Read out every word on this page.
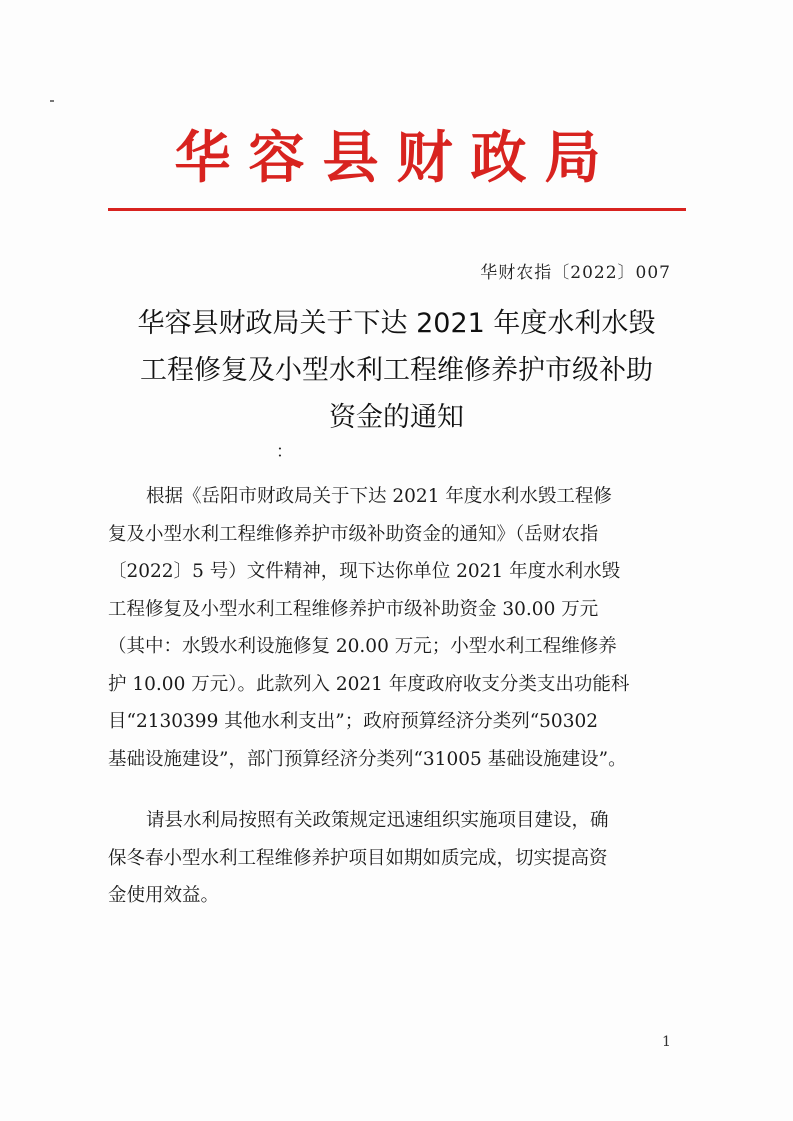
华容县财政局
华财农指〔2022〕007
华容县财政局关于下达 2021 年度水利水毁
工程修复及小型水利工程维修养护市级补助
资金的通知
：
根据《岳阳市财政局关于下达 2021 年度水利水毁工程修
复及小型水利工程维修养护市级补助资金的通知》（岳财农指
〔2022〕5 号）文件精神，现下达你单位 2021 年度水利水毁
工程修复及小型水利工程维修养护市级补助资金 30.00 万元
（其中：水毁水利设施修复 20.00 万元；小型水利工程维修养
护 10.00 万元）。此款列入 2021 年度政府收支分类支出功能科
目“2130399 其他水利支出”；政府预算经济分类列“50302
基础设施建设”，部门预算经济分类列“31005 基础设施建设”。
请县水利局按照有关政策规定迅速组织实施项目建设，确
保冬春小型水利工程维修养护项目如期如质完成，切实提高资
金使用效益。
1
